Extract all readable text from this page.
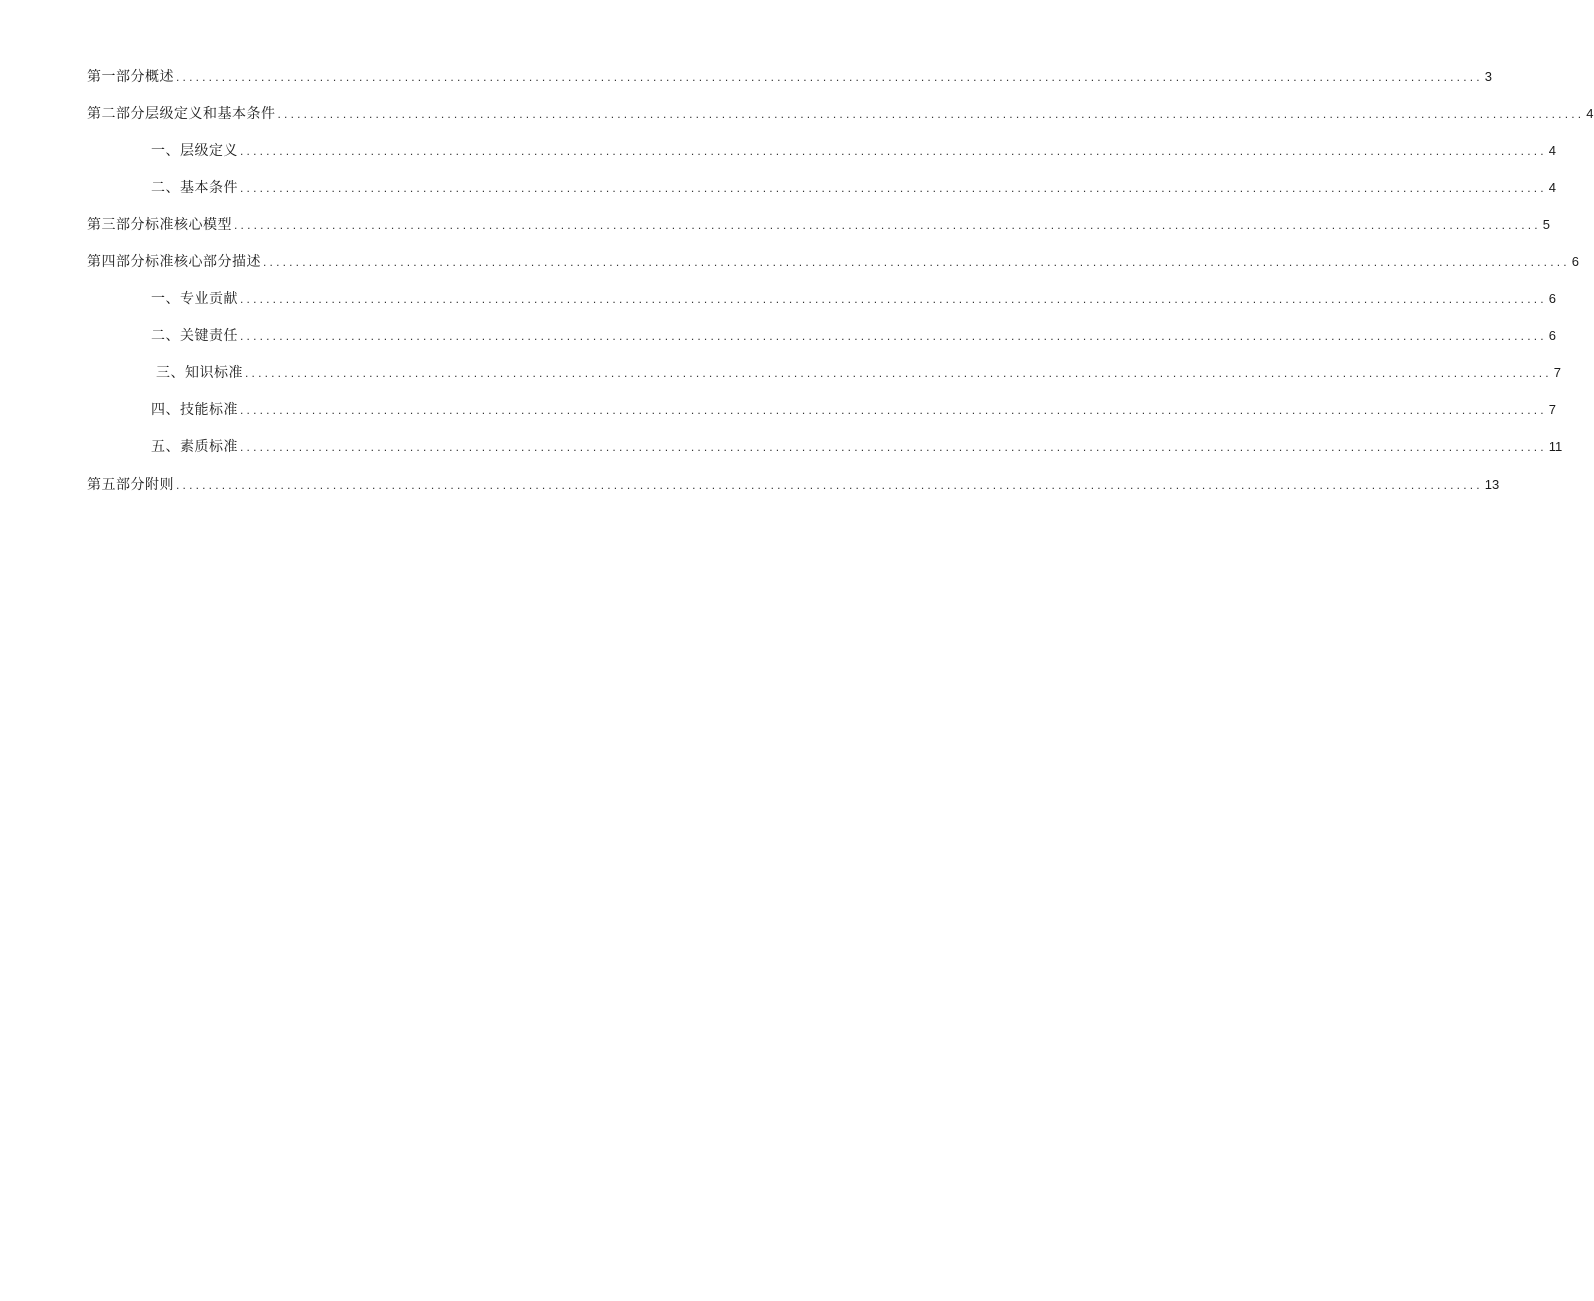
第一部分概述 ........................................................................................................................................................................................................ 3
第二部分层级定义和基本条件 ........................................................................................................................................................................................................ 4
一、层级定义 ........................................................................................................................................................................................................ 4
二、基本条件 ........................................................................................................................................................................................................ 4
第三部分标准核心模型 ........................................................................................................................................................................................................ 5
第四部分标准核心部分描述 ........................................................................................................................................................................................................ 6
一、专业贡献 ........................................................................................................................................................................................................ 6
二、关键责任 ........................................................................................................................................................................................................ 6
三、知识标准 ........................................................................................................................................................................................................ 7
四、技能标准 ........................................................................................................................................................................................................ 7
五、素质标准 ........................................................................................................................................................................................................ 11
第五部分附则 ........................................................................................................................................................................................................ 13
